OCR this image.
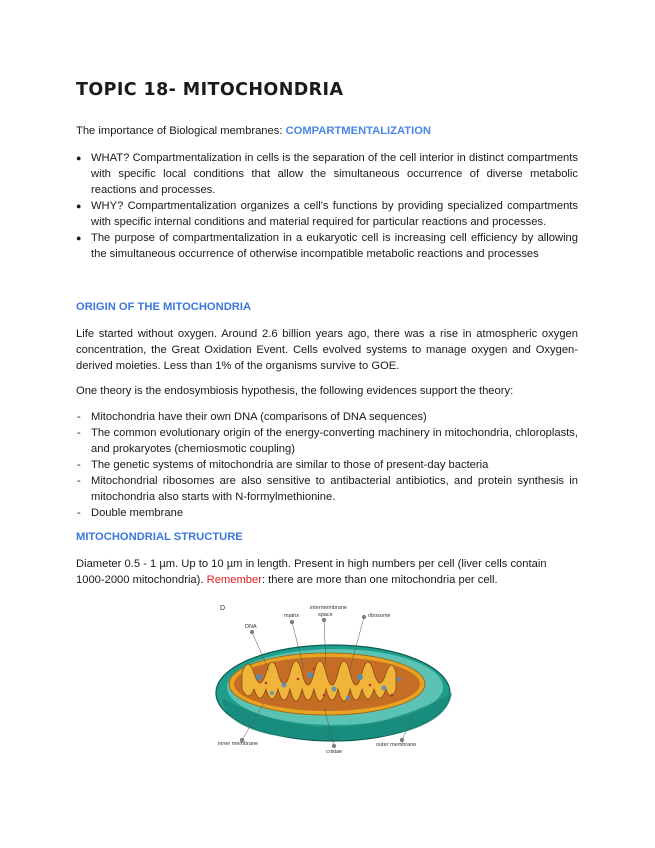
TOPIC 18- MITOCHONDRIA

The importance of Biological membranes: COMPARTMENTALIZATION

● WHAT? Compartmentalization in cells is the separation of the cell interior in distinct compartments with specific local conditions that allow the simultaneous occurrence of diverse metabolic reactions and processes.
● WHY? Compartmentalization organizes a cell's functions by providing specialized compartments with specific internal conditions and material required for particular reactions and processes.
● The purpose of compartmentalization in a eukaryotic cell is increasing cell efficiency by allowing the simultaneous occurrence of otherwise incompatible metabolic reactions and processes
ORIGIN OF THE MITOCHONDRIA

Life started without oxygen. Around 2.6 billion years ago, there was a rise in atmospheric oxygen concentration, the Great Oxidation Event. Cells evolved systems to manage oxygen and Oxygen-derived moieties. Less than 1% of the organisms survive to GOE.

One theory is the endosymbiosis hypothesis, the following evidences support the theory:

- Mitochondria have their own DNA (comparisons of DNA sequences)
- The common evolutionary origin of the energy-converting machinery in mitochondria, chloroplasts, and prokaryotes (chemiosmotic coupling)
- The genetic systems of mitochondria are similar to those of present-day bacteria
- Mitochondrial ribosomes are also sensitive to antibacterial antibiotics, and protein synthesis in mitochondria also starts with N-formylmethionine.
- Double membrane
MITOCHONDRIAL STRUCTURE

Diameter 0.5 - 1 µm. Up to 10 µm in length. Present in high numbers per cell (liver cells contain 1000-2000 mitochondria). Remember: there are more than one mitochondria per cell.

D	intermembrane
matrix	space
DNA
ribosome
inner membrane
cristae
outer membrane
